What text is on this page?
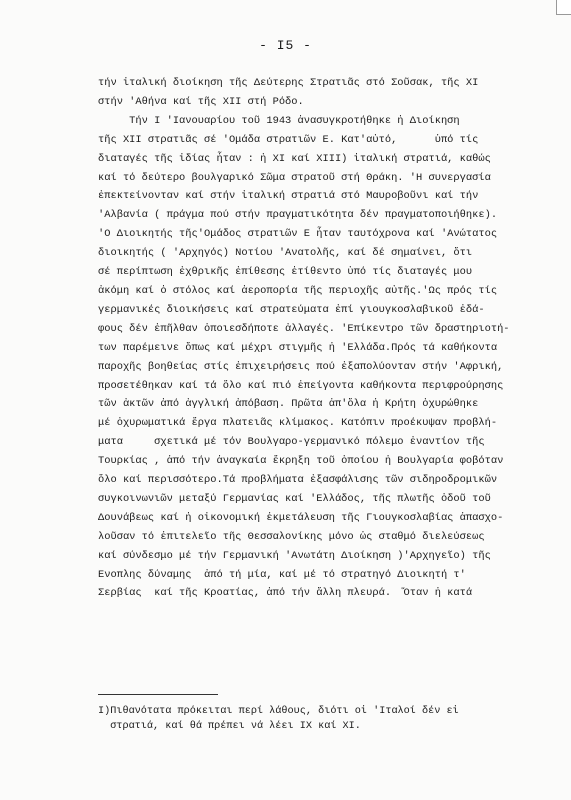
- I5 -
τήν ἰταλική διοίκηση τῆς Δεύτερης Στρατιᾶς στό Σοῦσακ, τῆς XI
στήν 'Αθήνα καί τῆς XII στή Ρόδο.
Τήν Ι 'Ιανουαρίου τοῦ 1943 ἀνασυγκροτήθηκε ἡ Διοίκηση
τῆς XII στρατιᾶς σέ 'Ομάδα στρατιῶν Ε. Κατ'αὐτό,      ὑπό τίς
διαταγές τῆς ἰδίας ἦταν : ἡ XI καί XIII) ἰταλική στρατιά, καθώς
καί τό δεύτερο βουλγαρικό Σῶμα στρατοῦ στή Θράκη. 'Η συνεργασία
ἐπεκτείνονταν καί στήν ἰταλική στρατιά στό Μαυροβοῦνι καί τήν
'Αλβανία ( πράγμα πού στήν πραγματικότητα δέν πραγματοποιήθηκε).
'Ο Διοικητής τῆς'Ομάδος στρατιῶν Ε ἦταν ταυτόχρονα καί 'Ανώτατος
διοικητής ( 'Αρχηγός) Νοτίου 'Ανατολῆς, καί δέ σημαίνει, ὅτι
σέ περίπτωση ἐχθρικῆς ἐπίθεσης ἐτίθεντο ὑπό τίς διαταγές μου
ἀκόμη καί ὁ στόλος καί ἀεροπορία τῆς περιοχῆς αὐτῆς.'Ως πρός τίς
γερμανικές διοικήσεις καί στρατεύματα ἐπί γιουγκοσλαβικοῦ ἐδά-
φους δέν ἐπῆλθαν ὁποιεσδήποτε ἀλλαγές. 'Επίκεντρο τῶν δραστηριοτή-
των παρέμεινε ὅπως καί μέχρι στιγμῆς ἡ 'Ελλάδα.Πρός τά καθήκοντα
παροχῆς βοηθείας στίς ἐπιχειρήσεις πού ἐξαπολύονταν στήν 'Αφρική,
προσετέθηκαν καί τά ὅλο καί πιό ἐπείγοντα καθήκοντα περιφρούρησης
τῶν ἀκτῶν ἀπό ἀγγλική ἀπόβαση. Πρῶτα ἀπ'ὅλα ἡ Κρήτη ὀχυρώθηκε
μέ ὀχυρωματικά ἔργα πλατειᾶς κλίμακος. Κατόπιν προέκυψαν προβλή-
ματα     σχετικά μέ τόν Βουλγαρο-γερμανικό πόλεμο ἐναντίον τῆς
Τουρκίας , ἀπό τήν ἀναγκαία ἔκρηξη τοῦ ὁποίου ἡ Βουλγαρία φοβόταν
ὅλο καί περισσότερο.Τά προβλήματα ἐξασφάλισης τῶν σιδηροδρομικῶν
συγκοινωνιῶν μεταξύ Γερμανίας καί 'Ελλάδος, τῆς πλωτῆς ὁδοῦ τοῦ
Δουνάβεως καί ἡ οἰκονομική ἐκμετάλευση τῆς Γιουγκοσλαβίας ἀπασχο-
λοῦσαν τό ἐπιτελεῖο τῆς Θεσσαλονίκης μόνο ὡς σταθμό διελεύσεως
καί σύνδεσμο μέ τήν Γερμανική 'Ανωτάτη Διοίκηση )'Αρχηγεῖο) τῆς
Ἔνοπλης δύναμης  ἀπό τή μία, καί μέ τό στρατηγό Διοικητή τ'
Σερβίας  καί τῆς Κροατίας, ἀπό τήν ἄλλη πλευρά.  Ὅταν ἡ κατά
Ι)Πιθανότατα πρόκειται περί λάθους, διότι οἱ 'Ιταλοί δέν εἶ
στρατιά, καί θά πρέπει νά λέει ΙΧ καί ΧΙ.
